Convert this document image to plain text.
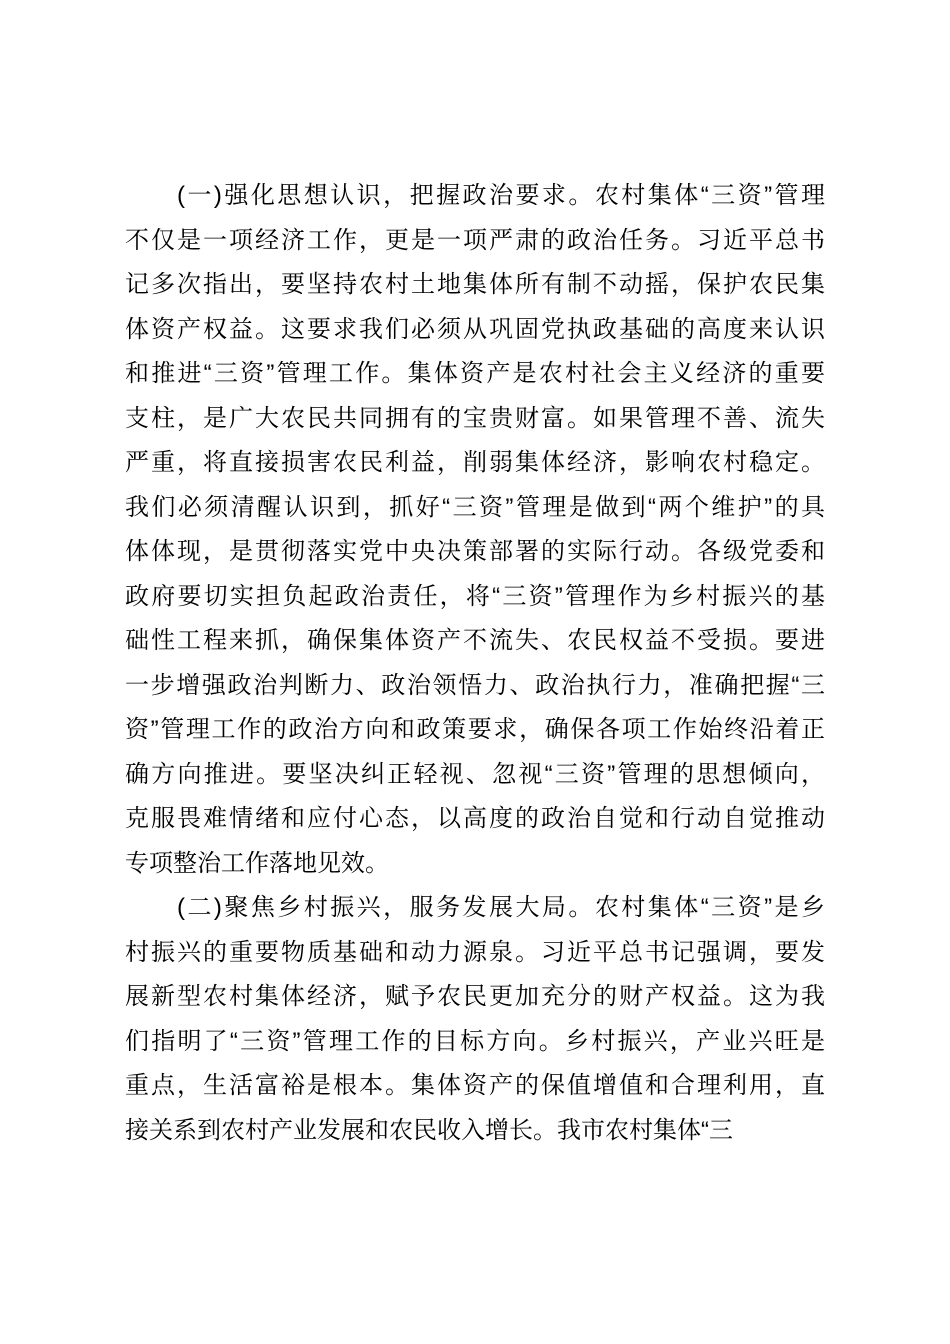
(一)强化思想认识，把握政治要求。农村集体“三资”管理
不仅是一项经济工作，更是一项严肃的政治任务。习近平总书
记多次指出，要坚持农村土地集体所有制不动摇，保护农民集
体资产权益。这要求我们必须从巩固党执政基础的高度来认识
和推进“三资”管理工作。集体资产是农村社会主义经济的重要
支柱，是广大农民共同拥有的宝贵财富。如果管理不善、流失
严重，将直接损害农民利益，削弱集体经济，影响农村稳定。
我们必须清醒认识到，抓好“三资”管理是做到“两个维护”的具
体体现，是贯彻落实党中央决策部署的实际行动。各级党委和
政府要切实担负起政治责任，将“三资”管理作为乡村振兴的基
础性工程来抓，确保集体资产不流失、农民权益不受损。要进
一步增强政治判断力、政治领悟力、政治执行力，准确把握“三
资”管理工作的政治方向和政策要求，确保各项工作始终沿着正
确方向推进。要坚决纠正轻视、忽视“三资”管理的思想倾向，
克服畏难情绪和应付心态，以高度的政治自觉和行动自觉推动
专项整治工作落地见效。
(二)聚焦乡村振兴，服务发展大局。农村集体“三资”是乡
村振兴的重要物质基础和动力源泉。习近平总书记强调，要发
展新型农村集体经济，赋予农民更加充分的财产权益。这为我
们指明了“三资”管理工作的目标方向。乡村振兴，产业兴旺是
重点，生活富裕是根本。集体资产的保值增值和合理利用，直
接关系到农村产业发展和农民收入增长。我市农村集体“三
